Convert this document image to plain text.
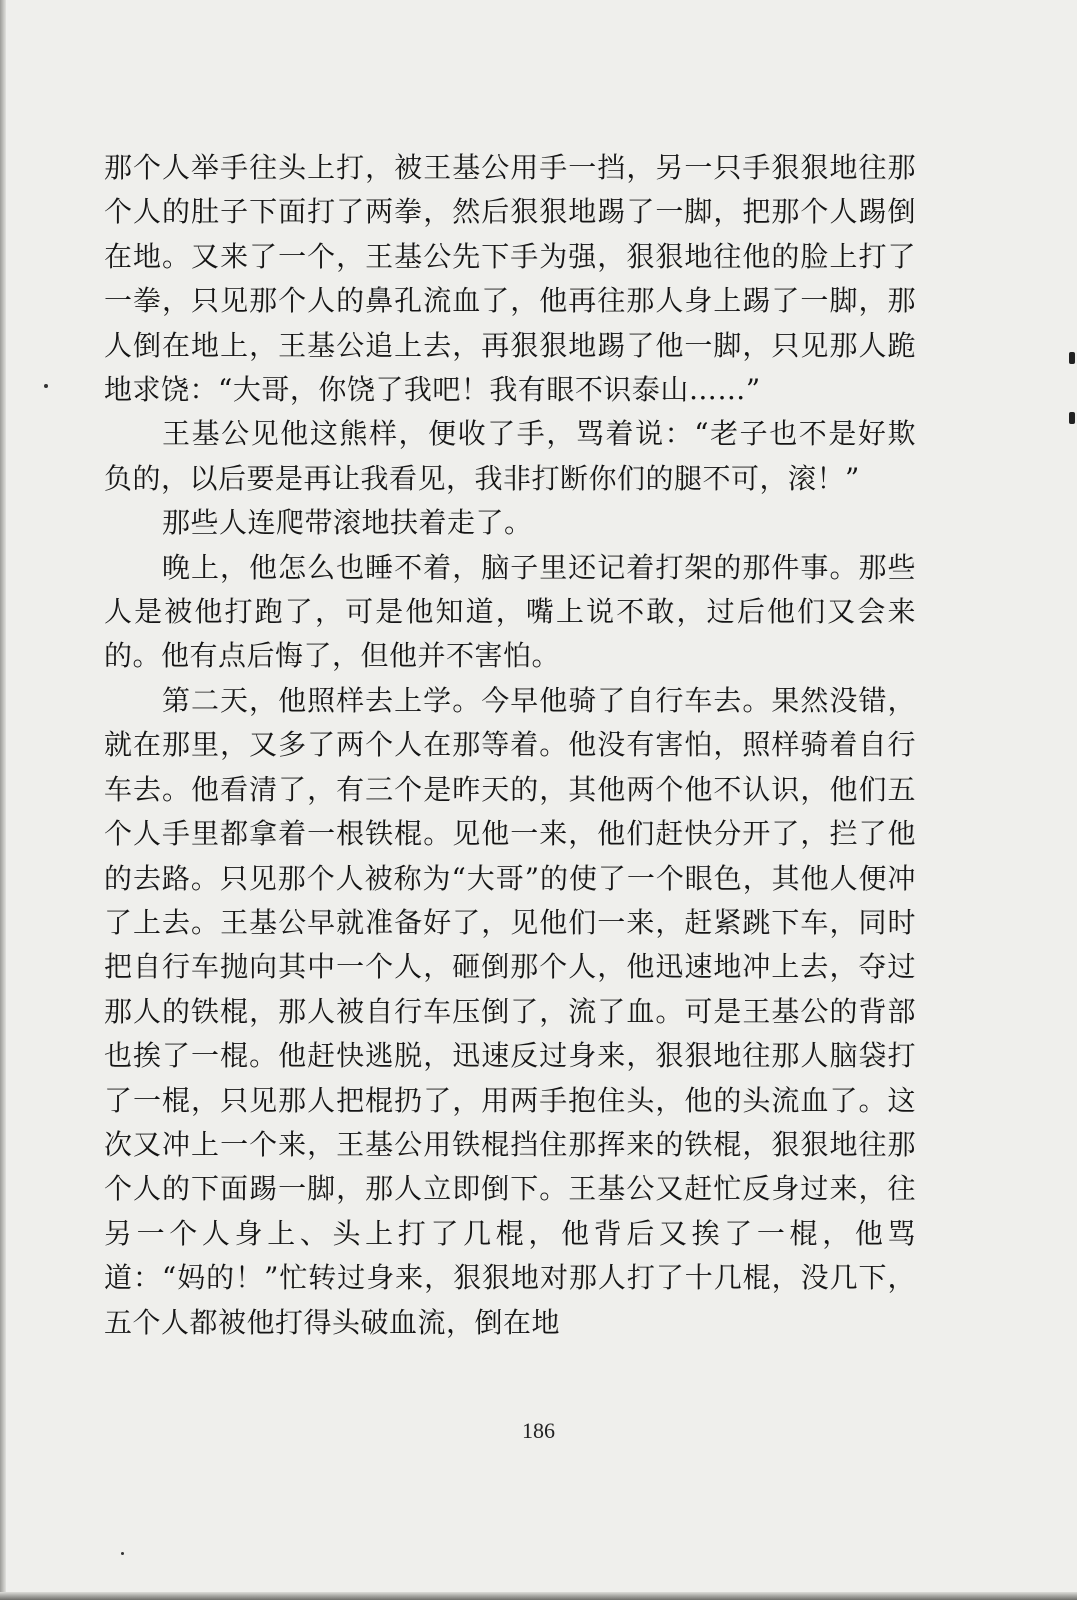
那个人举手往头上打，被王基公用手一挡，另一只手狠狠地往那个人的肚子下面打了两拳，然后狠狠地踢了一脚，把那个人踢倒在地。又来了一个，王基公先下手为强，狠狠地往他的脸上打了一拳，只见那个人的鼻孔流血了，他再往那人身上踢了一脚，那人倒在地上，王基公追上去，再狠狠地踢了他一脚，只见那人跪地求饶：“大哥，你饶了我吧！我有眼不识泰山……”

王基公见他这熊样，便收了手，骂着说：“老子也不是好欺负的，以后要是再让我看见，我非打断你们的腿不可，滚！”

那些人连爬带滚地扶着走了。

晚上，他怎么也睡不着，脑子里还记着打架的那件事。那些人是被他打跑了，可是他知道，嘴上说不敢，过后他们又会来的。他有点后悔了，但他并不害怕。

第二天，他照样去上学。今早他骑了自行车去。果然没错，就在那里，又多了两个人在那等着。他没有害怕，照样骑着自行车去。他看清了，有三个是昨天的，其他两个他不认识，他们五个人手里都拿着一根铁棍。见他一来，他们赶快分开了，拦了他的去路。只见那个人被称为“大哥”的使了一个眼色，其他人便冲了上去。王基公早就准备好了，见他们一来，赶紧跳下车，同时把自行车抛向其中一个人，砸倒那个人，他迅速地冲上去，夺过那人的铁棍，那人被自行车压倒了，流了血。可是王基公的背部也挨了一棍。他赶快逃脱，迅速反过身来，狠狠地往那人脑袋打了一棍，只见那人把棍扔了，用两手抱住头，他的头流血了。这次又冲上一个来，王基公用铁棍挡住那挥来的铁棍，狠狠地往那个人的下面踢一脚，那人立即倒下。王基公又赶忙反身过来，往另一个人身上、头上打了几棍，他背后又挨了一棍，他骂道：“妈的！”忙转过身来，狠狠地对那人打了十几棍，没几下，五个人都被他打得头破血流，倒在地

186
